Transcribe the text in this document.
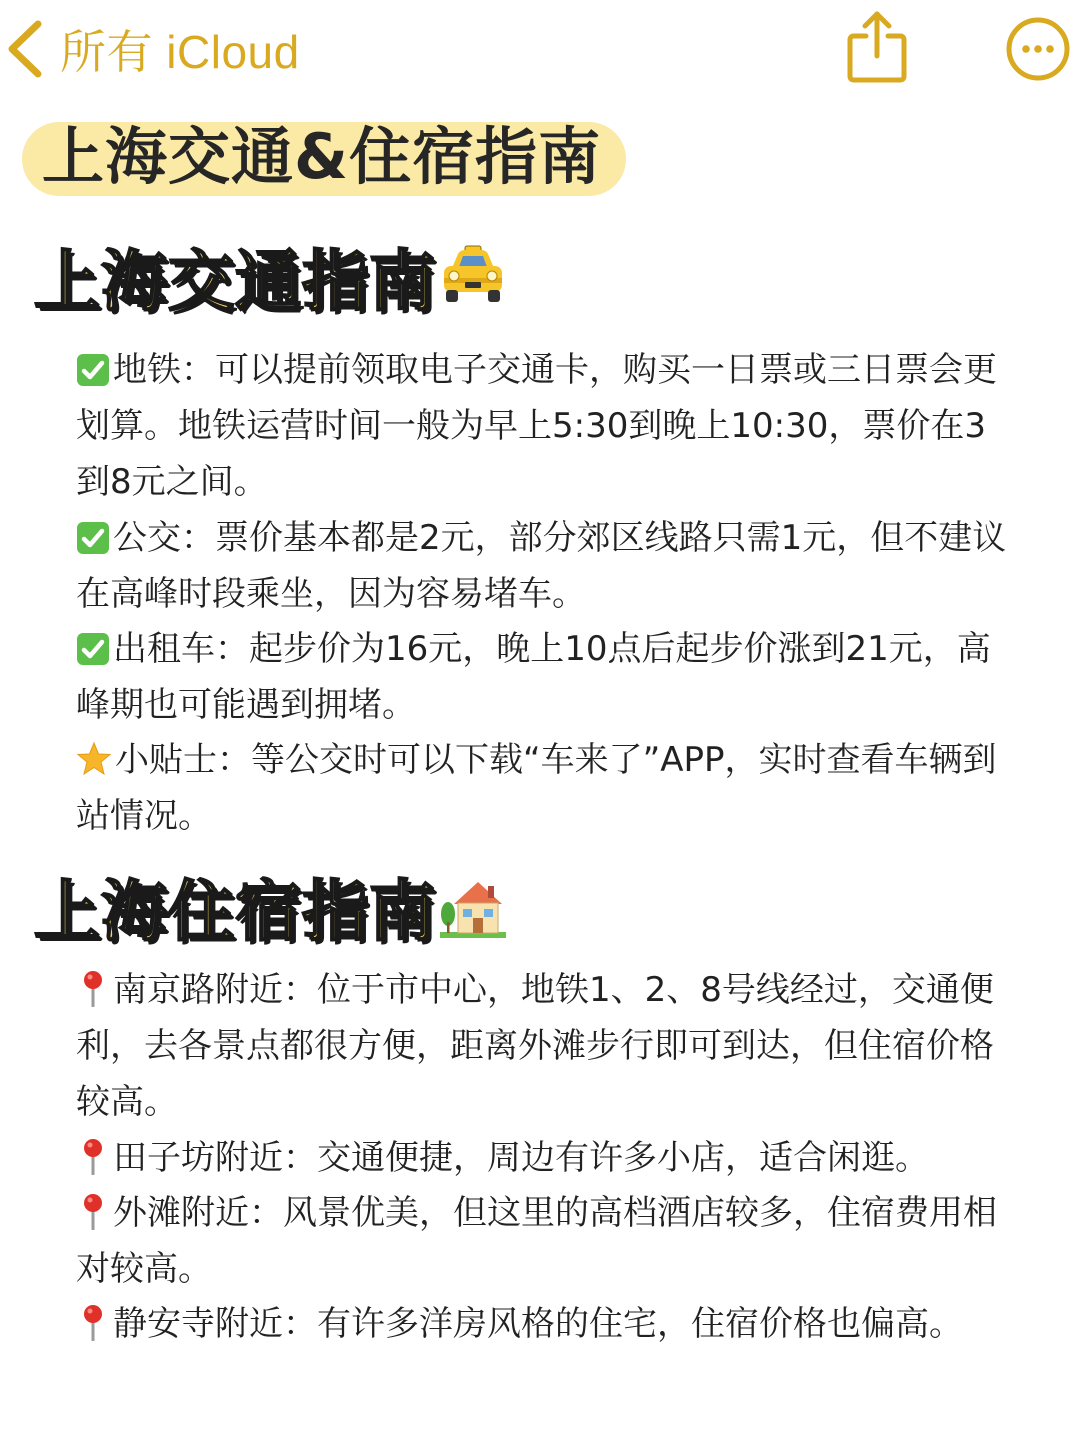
所有 iCloud
上海交通&住宿指南
上海交通指南
地铁：可以提前领取电子交通卡，购买一日票或三日票会更划算。地铁运营时间一般为早上5:30到晚上10:30，票价在3到8元之间。
公交：票价基本都是2元，部分郊区线路只需1元，但不建议在高峰时段乘坐，因为容易堵车。
出租车：起步价为16元，晚上10点后起步价涨到21元，高峰期也可能遇到拥堵。
小贴士：等公交时可以下载“车来了”APP，实时查看车辆到站情况。
上海住宿指南
南京路附近：位于市中心，地铁1、2、8号线经过，交通便利，去各景点都很方便，距离外滩步行即可到达，但住宿价格较高。
田子坊附近：交通便捷，周边有许多小店，适合闲逛。
外滩附近：风景优美，但这里的高档酒店较多，住宿费用相对较高。
静安寺附近：有许多洋房风格的住宅，住宿价格也偏高。
